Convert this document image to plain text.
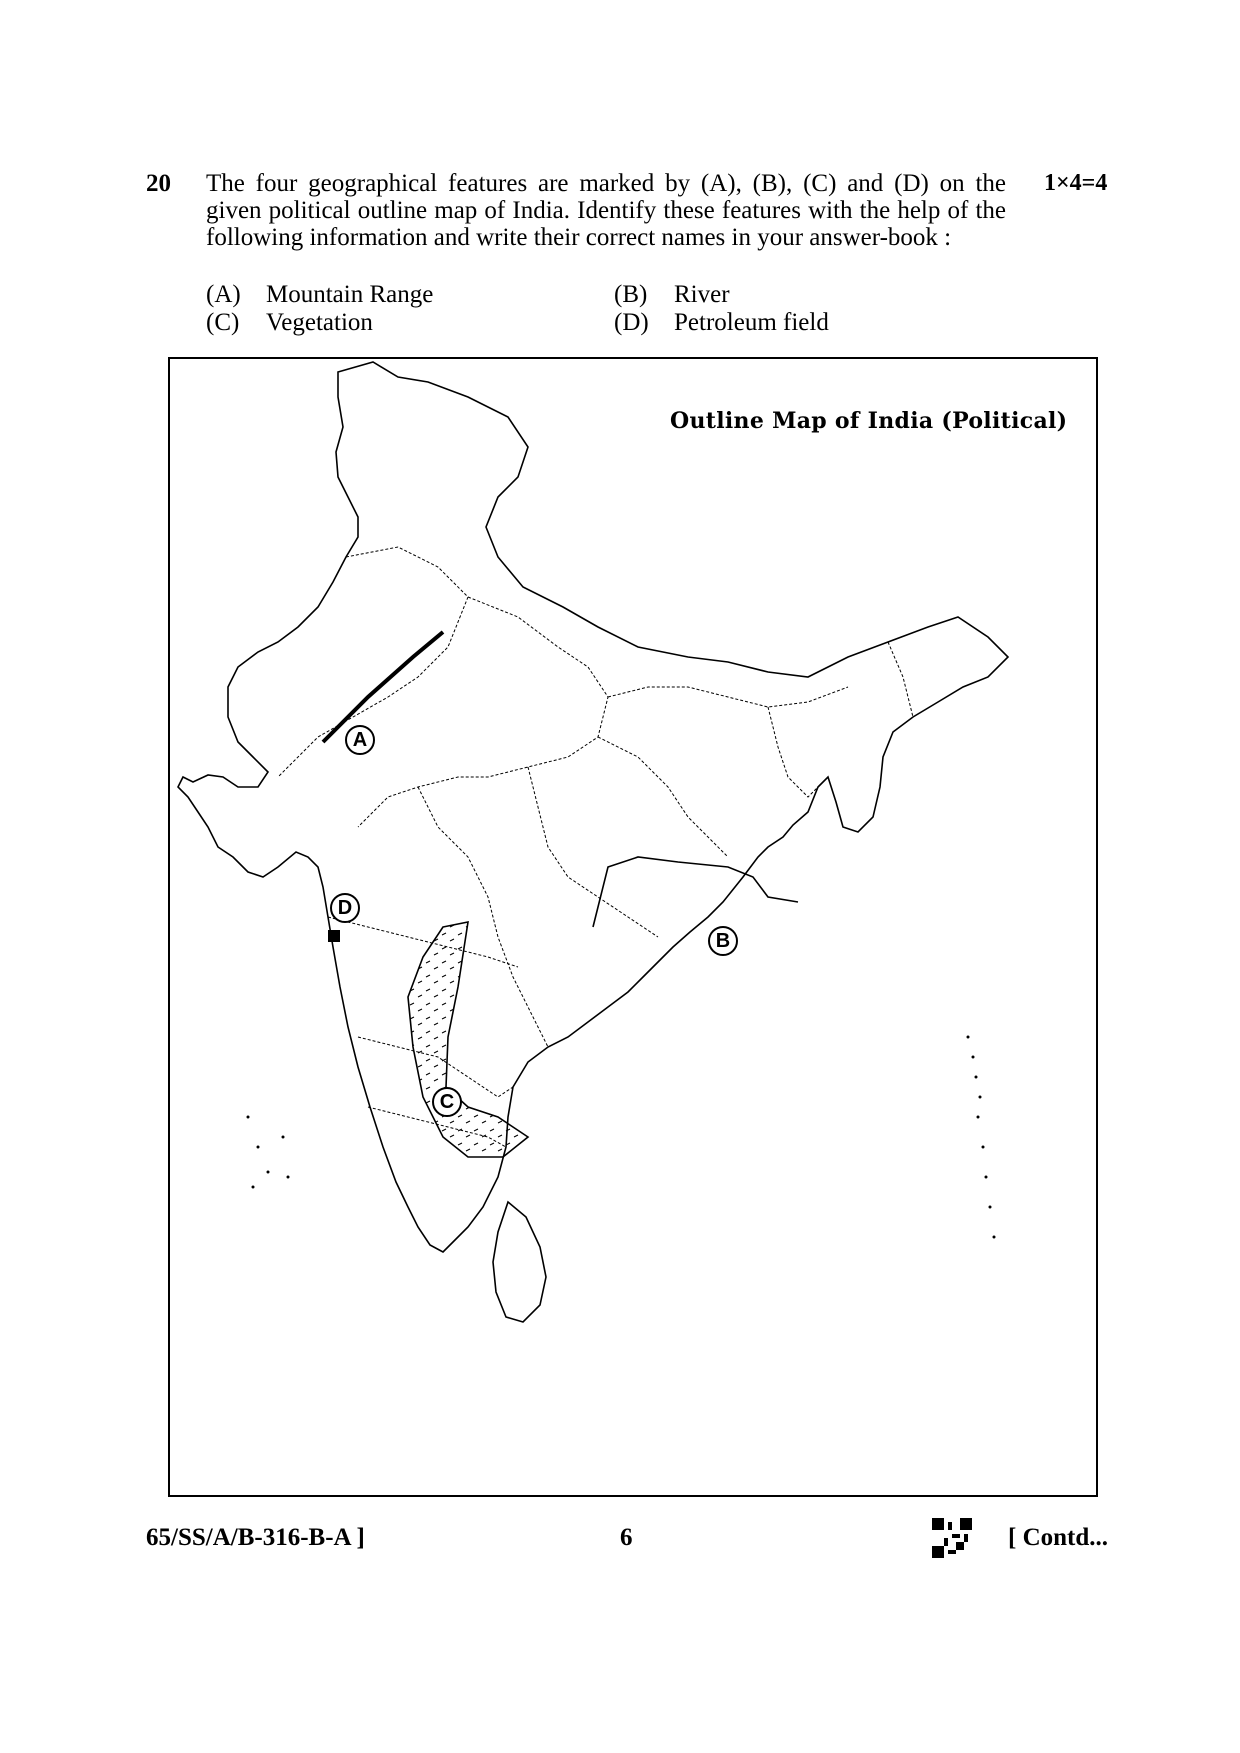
20 The four geographical features are marked by (A), (B), (C) and (D) on the given political outline map of India. Identify these features with the help of the following information and write their correct names in your answer-book :
1×4=4
(A) Mountain Range	(B) River
(C) Vegetation	(D) Petroleum field
Outline Map of India (Political)
A
B
C
D
65/SS/A/B-316-B-A ]	6	[ Contd...
